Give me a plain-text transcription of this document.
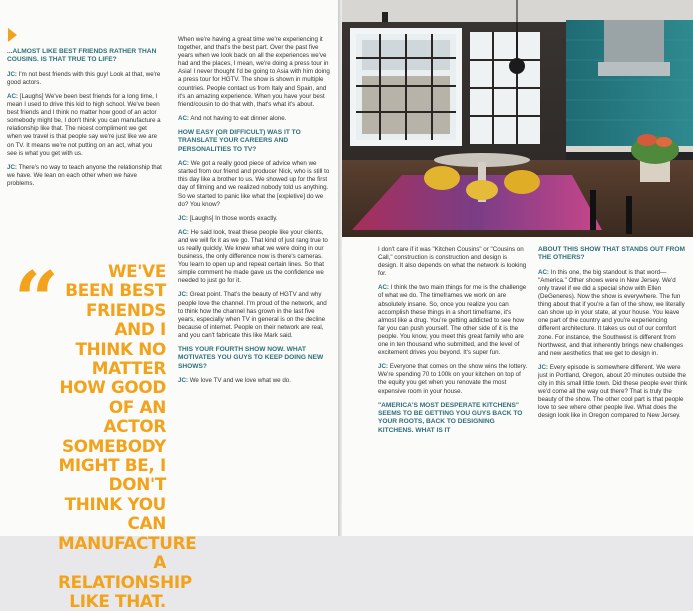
...ALMOST LIKE BEST FRIENDS RATHER THAN COUSINS. IS THAT TRUE TO LIFE?

JC: I'm not best friends with this guy! Look at that, we're good actors.

AC: [Laughs] We've been best friends for a long time, I mean I used to drive this kid to high school. We've been best friends and I think no matter how good of an actor somebody might be, I don't think you can manufacture a relationship like that. The nicest compliment we get when we travel is that people say we're just like we are on TV. It means we're not putting on an act, what you see is what you get with us.

JC: There's no way to teach anyone the relationship that we have. We lean on each other when we have problems.

“	WE'VE BEEN BEST FRIENDS AND I THINK NO MATTER HOW GOOD OF AN ACTOR SOMEBODY MIGHT BE, I DON'T THINK YOU CAN MANUFACTURE A RELATIONSHIP LIKE THAT.

When we're having a great time we're experiencing it together, and that's the best part. Over the past five years when we look back on all the experiences we've had and the places, I mean, we're doing a press tour in Asia! I never thought I'd be going to Asia with him doing a press tour for HGTV. The show is shown in multiple countries. People contact us from Italy and Spain, and it's an amazing experience. When you have your best friend/cousin to do that with, that's what it's about.

AC: And not having to eat dinner alone.

HOW EASY (OR DIFFICULT) WAS IT TO TRANSLATE YOUR CAREERS AND PERSONALITIES TO TV?

AC: We got a really good piece of advice when we started from our friend and producer Nick, who is still to this day like a brother to us. We showed up for the first day of filming and we realized nobody told us anything. So we started to panic like what the [expletive] do we do? You know?

JC: [Laughs] In those words exactly.

AC: He said look, treat these people like your clients, and we will fix it as we go. That kind of just rang true to us really quickly. We knew what we were doing in our business, the only difference now is there's cameras. You learn to open up and repeat certain lines. So that simple comment he made gave us the confidence we needed to just go for it.

JC: Great point. That's the beauty of HGTV and why people love the channel. I'm proud of the network, and to think how the channel has grown in the last five years, especially when TV in general is on the decline because of internet. People on their network are real, and you can't fabricate this like Mark said.

THIS YOUR FOURTH SHOW NOW. WHAT MOTIVATES YOU GUYS TO KEEP DOING NEW SHOWS?

JC: We love TV and we love what we do.

I don't care if it was "Kitchen Cousins" or "Cousins on Call," construction is construction and design is design. It also depends on what the network is looking for.

AC: I think the two main things for me is the challenge of what we do. The timeframes we work on are absolutely insane. So, once you realize you can accomplish these things in a short timeframe, it's almost like a drug. You're getting addicted to see how far you can push yourself. The other side of it is the people. You know, you meet this great family who are one in ten thousand who submitted, and the level of excitement drives you beyond. It's super fun.

JC: Everyone that comes on the show wins the lottery. We're spending 70 to 100k on your kitchen on top of the equity you get when you renovate the most expensive room in your house.

"AMERICA'S MOST DESPERATE KITCHENS" SEEMS TO BE GETTING YOU GUYS BACK TO YOUR ROOTS, BACK TO DESIGNING KITCHENS. WHAT IS IT
ABOUT THIS SHOW THAT STANDS OUT FROM THE OTHERS?

AC: In this one, the big standout is that word— "America." Other shows were in New Jersey. We'd only travel if we did a special show with Ellen (DeGeneres). Now the show is everywhere. The fun thing about that if you're a fan of the show, we literally can show up in your state, at your house. You leave one part of the country and you're experiencing different architecture. It takes us out of our comfort zone. For instance, the Southwest is different from Northwest, and that inherently brings new challenges and new aesthetics that we get to design in.

JC: Every episode is somewhere different. We were just in Portland, Oregon, about 20 minutes outside the city in this small little town. Did these people ever think we'd come all the way out there? That is truly the beauty of the show. The other cool part is that people love to see where other people live. What does the design look like in Oregon compared to New Jersey.
